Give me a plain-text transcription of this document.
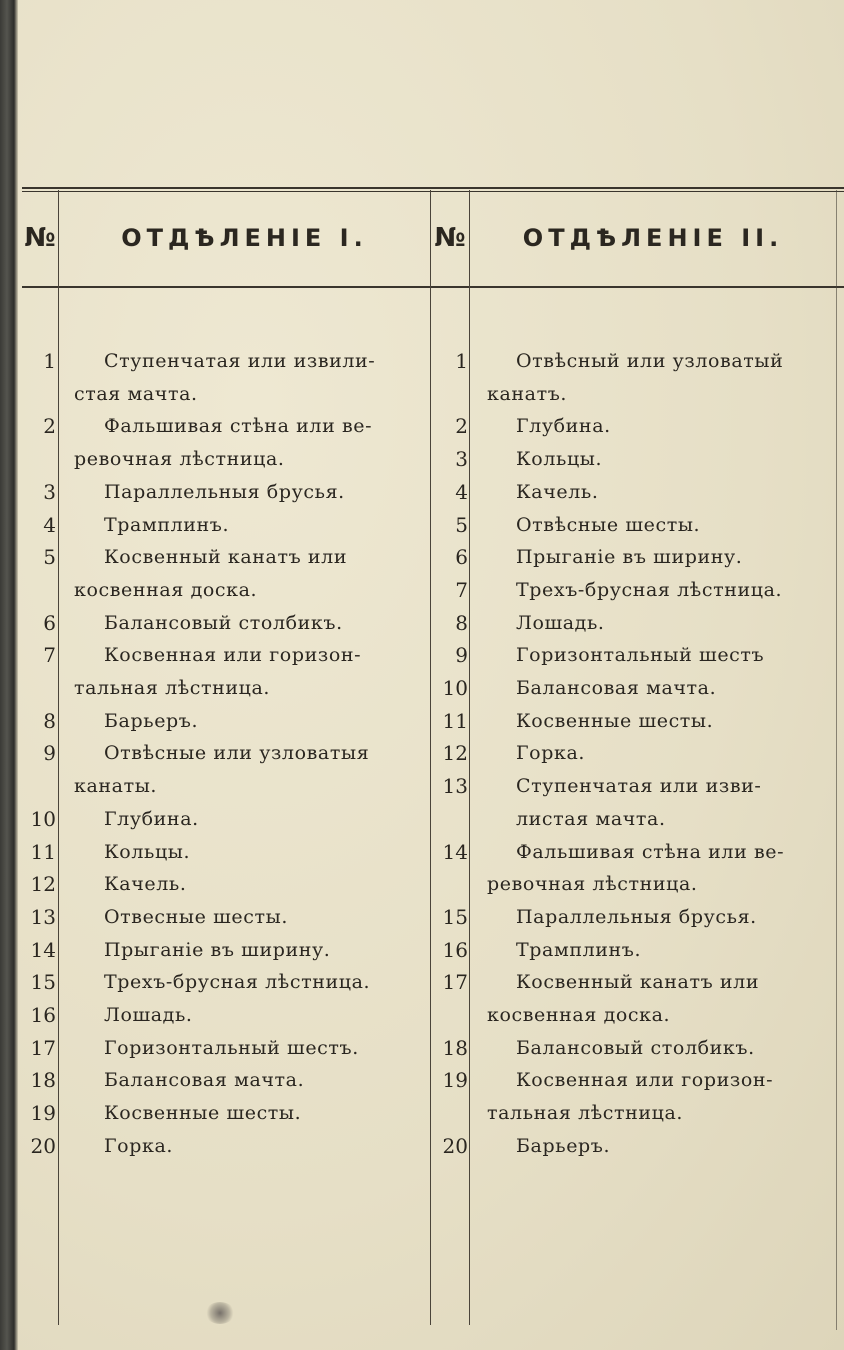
№	ОТДѢЛЕНІЕ I.	№	ОТДѢЛЕНІЕ II.
1	Ступенчатая или извили-
стая мачта.
2	Фальшивая стѣна или ве-
ревочная лѣстница.
3	Параллельныя брусья.
4	Трамплинъ.
5	Косвенный канатъ или
косвенная доска.
6	Балансовый столбикъ.
7	Косвенная или горизон-
тальная лѣстница.
8	Барьеръ.
9	Отвѣсные или узловатыя
канаты.
10	Глубина.
11	Кольцы.
12	Качель.
13	Отвесные шесты.
14	Прыганіе въ ширину.
15	Трехъ-брусная лѣстница.
16	Лошадь.
17	Горизонтальный шестъ.
18	Балансовая мачта.
19	Косвенные шесты.
20	Горка.
1	Отвѣсный или узловатый
канатъ.
2	Глубина.
3	Кольцы.
4	Качель.
5	Отвѣсные шесты.
6	Прыганіе въ ширину.
7	Трехъ-брусная лѣстница.
8	Лошадь.
9	Горизонтальный шестъ
10	Балансовая мачта.
11	Косвенные шесты.
12	Горка.
13	Ступенчатая или изви-
листая мачта.
14	Фальшивая стѣна или ве-
ревочная лѣстница.
15	Параллельныя брусья.
16	Трамплинъ.
17	Косвенный канатъ или
косвенная доска.
18	Балансовый столбикъ.
19	Косвенная или горизон-
тальная лѣстница.
20	Барьеръ.
